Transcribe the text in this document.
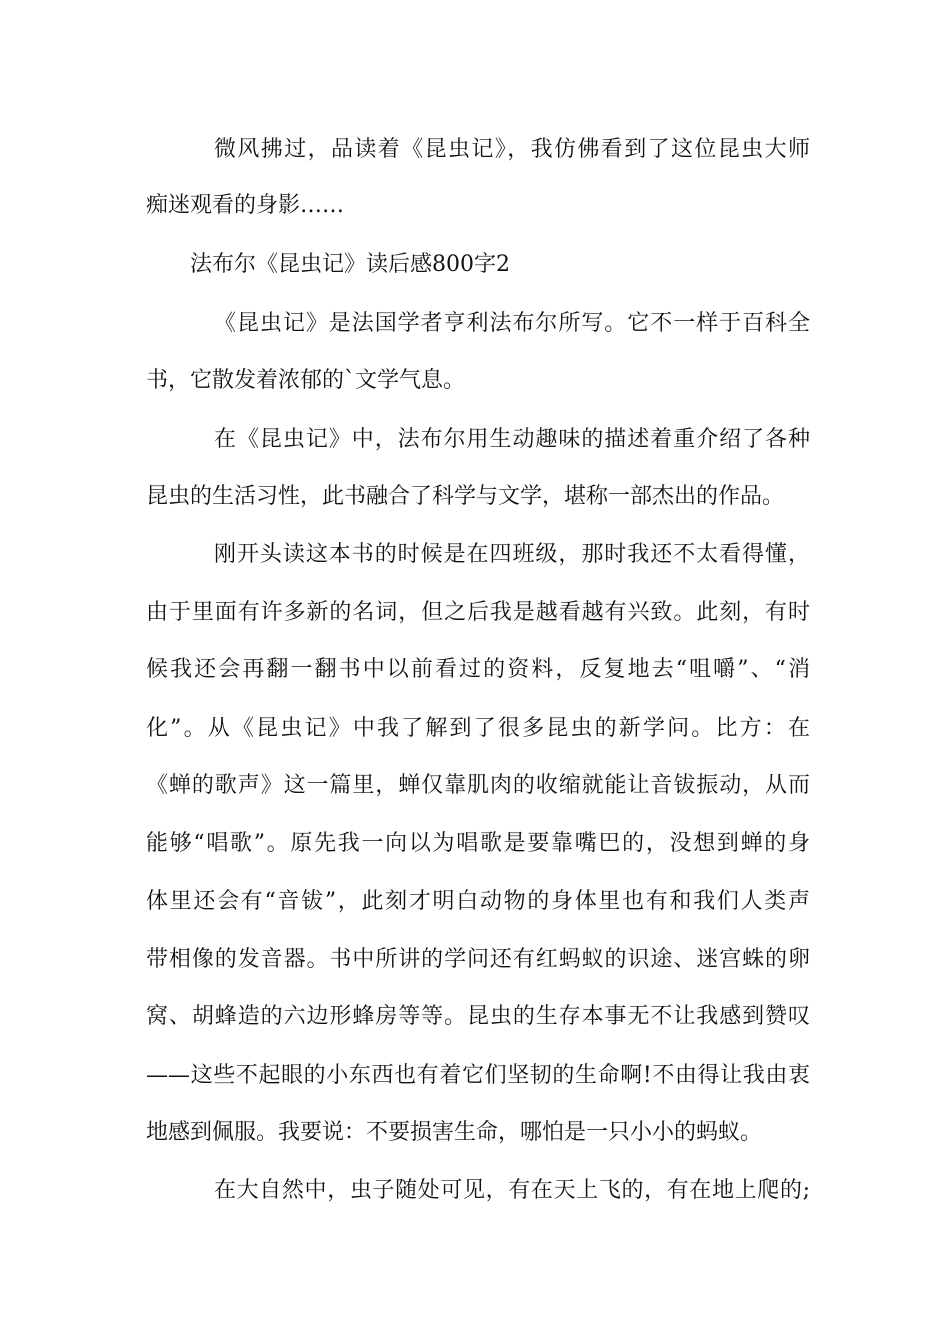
微风拂过，品读着《昆虫记》，我仿佛看到了这位昆虫大师
痴迷观看的身影……
法布尔《昆虫记》读后感800字2
《昆虫记》是法国学者亨利法布尔所写。它不一样于百科全
书，它散发着浓郁的`文学气息。
在《昆虫记》中，法布尔用生动趣味的描述着重介绍了各种
昆虫的生活习性，此书融合了科学与文学，堪称一部杰出的作品。
刚开头读这本书的时候是在四班级，那时我还不太看得懂，
由于里面有许多新的名词，但之后我是越看越有兴致。此刻，有时
候我还会再翻一翻书中以前看过的资料，反复地去“咀嚼”、“消
化”。从《昆虫记》中我了解到了很多昆虫的新学问。比方：在
《蝉的歌声》这一篇里，蝉仅靠肌肉的收缩就能让音钹振动，从而
能够“唱歌”。原先我一向以为唱歌是要靠嘴巴的，没想到蝉的身
体里还会有“音钹”，此刻才明白动物的身体里也有和我们人类声
带相像的发音器。书中所讲的学问还有红蚂蚁的识途、迷宫蛛的卵
窝、胡蜂造的六边形蜂房等等。昆虫的生存本事无不让我感到赞叹
——这些不起眼的小东西也有着它们坚韧的生命啊!不由得让我由衷
地感到佩服。我要说：不要损害生命，哪怕是一只小小的蚂蚁。
在大自然中，虫子随处可见，有在天上飞的，有在地上爬的;
